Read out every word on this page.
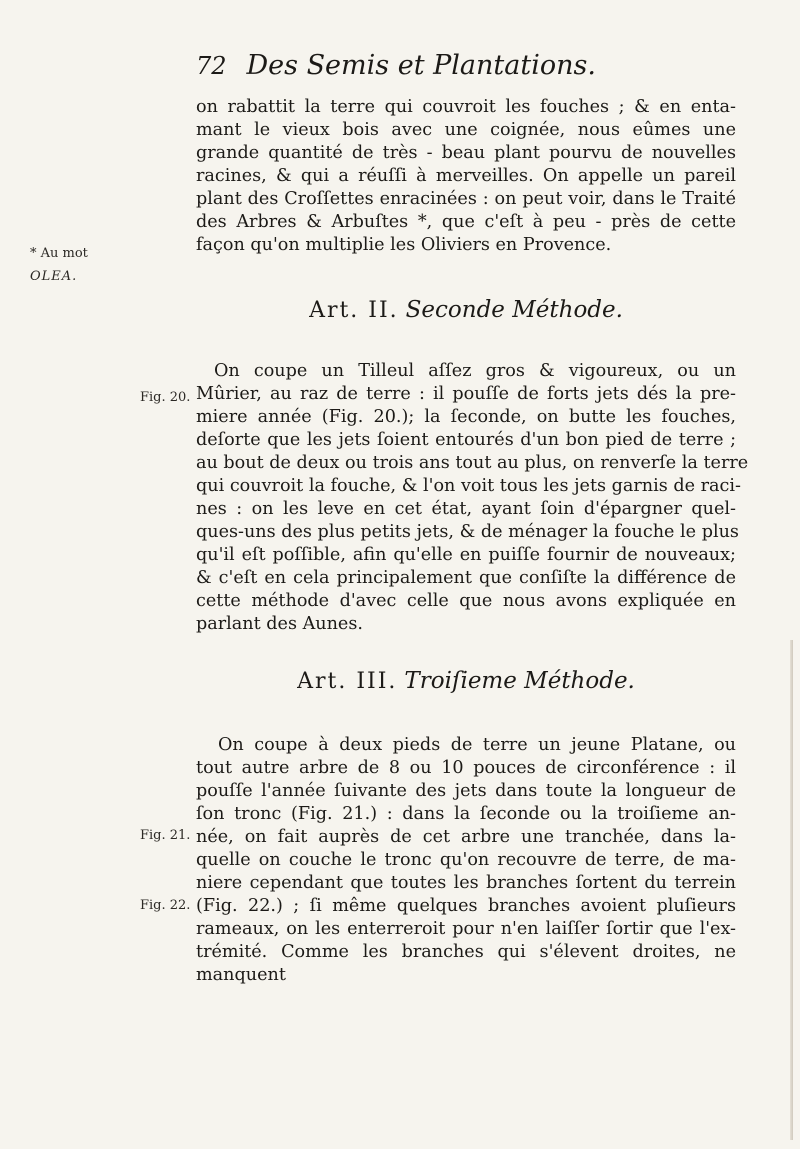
72 Des Semis et Plantations.
on rabattit la terre qui couvroit les fouches ; & en enta-
mant le vieux bois avec une coignée, nous eûmes une
grande quantité de très - beau plant pourvu de nouvelles
racines, & qui a réuſſi à merveilles. On appelle un pareil
plant des Croſſettes enracinées : on peut voir, dans le Traité
des Arbres & Arbuſtes *, que c'eſt à peu - près de cette
façon qu'on multiplie les Oliviers en Provence.
* Au mot
OLEA.
Art. II. Seconde Méthode.
Fig. 20.
On coupe un Tilleul aſſez gros & vigoureux, ou un
Mûrier, au raz de terre : il pouſſe de forts jets dés la pre-
miere année (Fig. 20.); la ſeconde, on butte les fouches,
deſorte que les jets ſoient entourés d'un bon pied de terre ;
au bout de deux ou trois ans tout au plus, on renverſe la terre
qui couvroit la fouche, & l'on voit tous les jets garnis de raci-
nes : on les leve en cet état, ayant ſoin d'épargner quel-
ques-uns des plus petits jets, & de ménager la fouche le plus
qu'il eſt poſſible, afin qu'elle en puiſſe fournir de nouveaux;
& c'eſt en cela principalement que conſiſte la différence de
cette méthode d'avec celle que nous avons expliquée en
parlant des Aunes.
Art. III. Troiſieme Méthode.
Fig. 21.
Fig. 22.
On coupe à deux pieds de terre un jeune Platane, ou
tout autre arbre de 8 ou 10 pouces de circonférence : il
pouſſe l'année ſuivante des jets dans toute la longueur de
ſon tronc (Fig. 21.) : dans la ſeconde ou la troiſieme an-
née, on fait auprès de cet arbre une tranchée, dans la-
quelle on couche le tronc qu'on recouvre de terre, de ma-
niere cependant que toutes les branches ſortent du terrein
(Fig. 22.) ; ſi même quelques branches avoient pluſieurs
rameaux, on les enterreroit pour n'en laiſſer ſortir que l'ex-
trémité. Comme les branches qui s'élevent droites, ne
manquent
